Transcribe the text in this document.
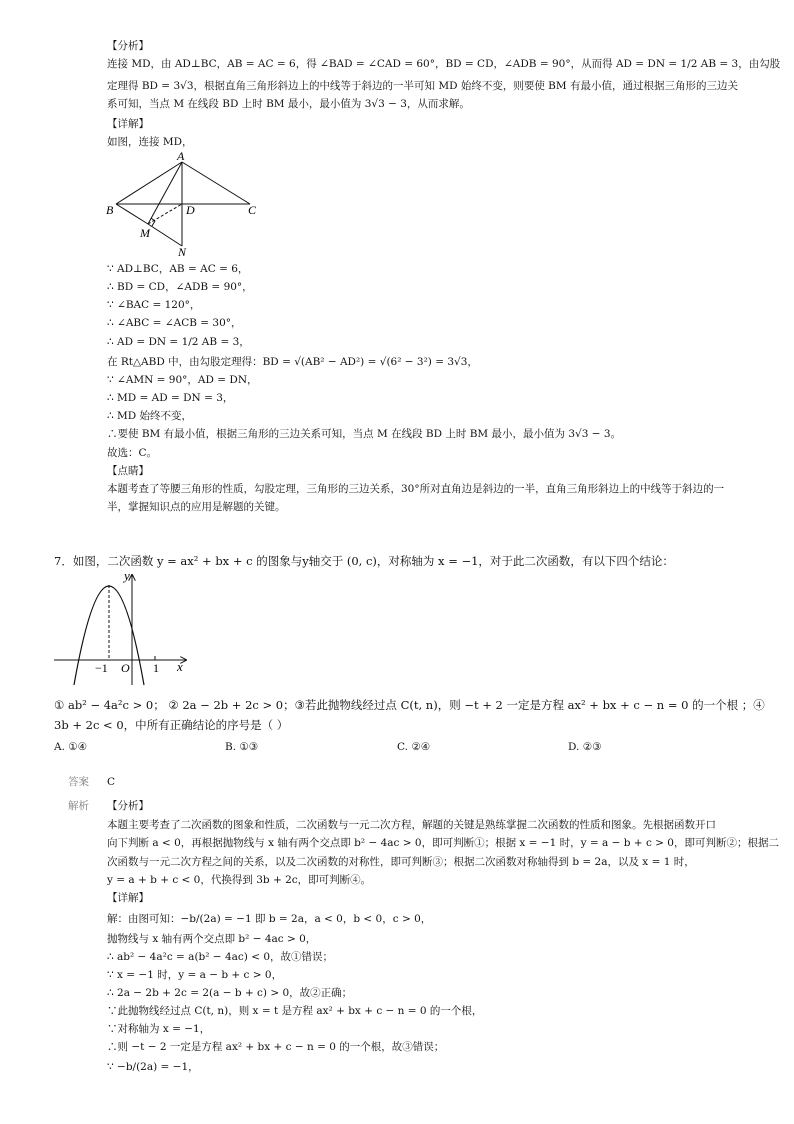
【分析】
连接 MD，由 AD⊥BC，AB = AC = 6，得 ∠BAD = ∠CAD = 60°，BD = CD，∠ADB = 90°，从而得 AD = DN = 1/2 AB = 3，由勾股
定理得 BD = 3√3，根据直角三角形斜边上的中线等于斜边的一半可知 MD 始终不变，则要使 BM 有最小值，通过根据三角形的三边关
系可知，当点 M 在线段 BD 上时 BM 最小，最小值为 3√3 − 3，从而求解。
【详解】
如图，连接 MD，
A
B	D	C
M
N
∵ AD⊥BC，AB = AC = 6，
∴ BD = CD，∠ADB = 90°，
∵ ∠BAC = 120°，
∴ ∠ABC = ∠ACB = 30°，
∴ AD = DN = 1/2 AB = 3，
在 Rt△ABD 中，由勾股定理得：BD = √(AB² − AD²) = √(6² − 3²) = 3√3，
∵ ∠AMN = 90°，AD = DN，
∴ MD = AD = DN = 3，
∴ MD 始终不变，
∴要使 BM 有最小值，根据三角形的三边关系可知，当点 M 在线段 BD 上时 BM 最小，最小值为 3√3 − 3。
故选：C。
【点睛】
本题考查了等腰三角形的性质，勾股定理，三角形的三边关系，30°所对直角边是斜边的一半，直角三角形斜边上的中线等于斜边的一
半，掌握知识点的应用是解题的关键。
7．如图，二次函数 y = ax² + bx + c 的图象与y轴交于 (0, c)，对称轴为 x = −1，对于此二次函数，有以下四个结论：
y
x
−1 O 1
① ab² − 4a²c > 0； ② 2a − 2b + 2c > 0；③若此抛物线经过点 C(t, n)，则 −t + 2 一定是方程 ax² + bx + c − n = 0 的一个根 ；④
3b + 2c < 0，中所有正确结论的序号是（ ）
A. ①④	B. ①③	C. ②④	D. ②③
答案 C
解析 【分析】
本题主要考查了二次函数的图象和性质，二次函数与一元二次方程，解题的关键是熟练掌握二次函数的性质和图象。先根据函数开口
向下判断 a < 0，再根据抛物线与 x 轴有两个交点即 b² − 4ac > 0，即可判断①；根据 x = −1 时，y = a − b + c > 0，即可判断②；根据二
次函数与一元二次方程之间的关系，以及二次函数的对称性，即可判断③；根据二次函数对称轴得到 b = 2a，以及 x = 1 时，
y = a + b + c < 0，代换得到 3b + 2c，即可判断④。
【详解】
解：由图可知：−b/(2a) = −1 即 b = 2a，a < 0，b < 0，c > 0，
抛物线与 x 轴有两个交点即 b² − 4ac > 0，
∴ ab² − 4a²c = a(b² − 4ac) < 0，故①错误；
∵ x = −1 时，y = a − b + c > 0，
∴ 2a − 2b + 2c = 2(a − b + c) > 0，故②正确；
∵此抛物线经过点 C(t, n)，则 x = t 是方程 ax² + bx + c − n = 0 的一个根，
∵对称轴为 x = −1，
∴则 −t − 2 一定是方程 ax² + bx + c − n = 0 的一个根，故③错误；
∵ −b/(2a) = −1，
